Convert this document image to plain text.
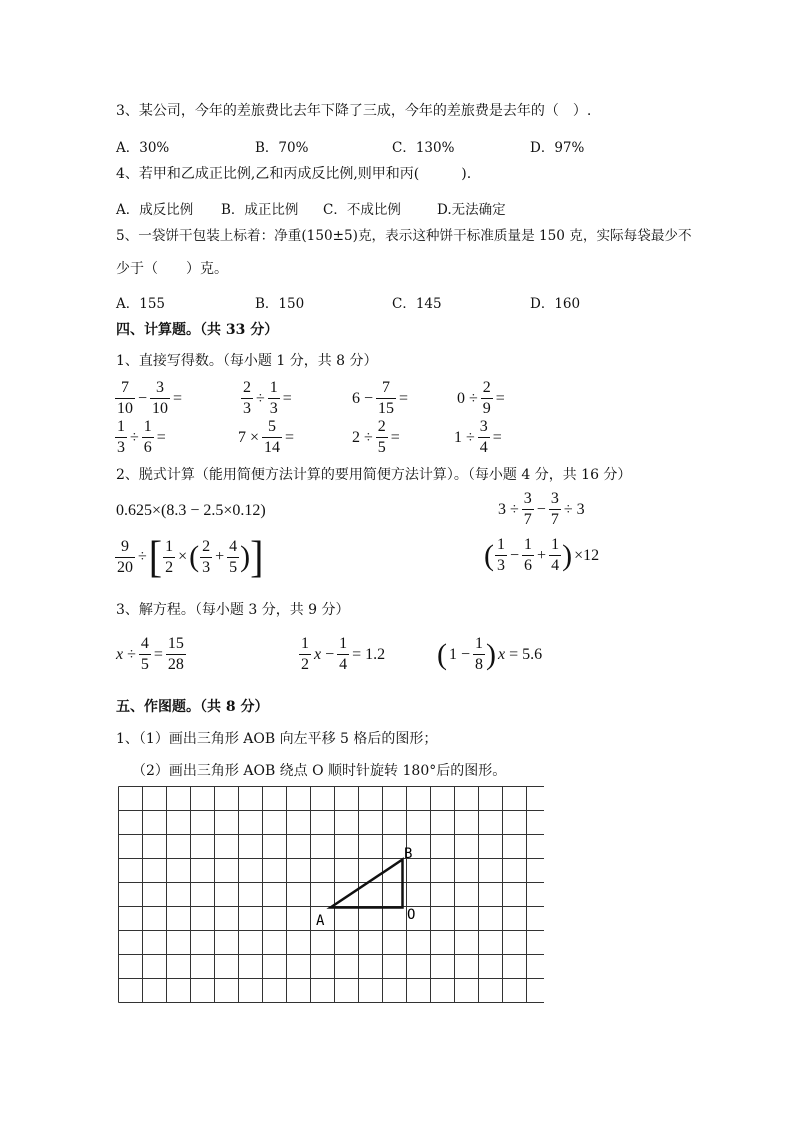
3、某公司，今年的差旅费比去年下降了三成，今年的差旅费是去年的（　）.
A．30%	B．70%	C．130%	D．97%
4、若甲和乙成正比例,乙和丙成反比例,则甲和丙(　　　).
A．成反比例 B．成正比例 C．不成比例	D.无法确定
5、一袋饼干包装上标着：净重(150±5)克，表示这种饼干标准质量是 150 克，实际每袋最少不
少于（　　）克。
A．155	B．150	C．145	D．160
四、计算题。（共 33 分）
1、直接写得数。（每小题 1 分，共 8 分）
$\frac{7}{10} - \frac{3}{10}$ =	$\frac{2}{3} \div \frac{1}{3}$ =	$6 - \frac{7}{15}$ =	$0 \div \frac{2}{9}$ =
$\frac{1}{3} \div \frac{1}{6}$ =	$7 \times \frac{5}{14}$ =	$2 \div \frac{2}{5}$ =	$1 \div \frac{3}{4}$ =
2、脱式计算（能用简便方法计算的要用简便方法计算）。（每小题 4 分，共 16 分）
0.625×(8.3 − 2.5×0.12)	$3 \div \frac{3}{7} - \frac{3}{7} \div 3$
$\frac{9}{20}$ ÷[ $\frac{1}{2}$ ×( $\frac{2}{3} + \frac{4}{5}$ )]	( $\frac{1}{3} - \frac{1}{6} + \frac{1}{4}$ ) ×12
3、解方程。（每小题 3 分，共 9 分）
$x \div \frac{4}{5} = \frac{15}{28}$	$\frac{1}{2}$ $x - \frac{1}{4} = 1.2$ ( $1 - \frac{1}{8}$ ) x = 5.6
五、作图题。（共 8 分）
1、（1）画出三角形 AOB 向左平移 5 格后的图形；
（2）画出三角形 AOB 绕点 O 顺时针旋转 180°后的图形。
A
B
O
